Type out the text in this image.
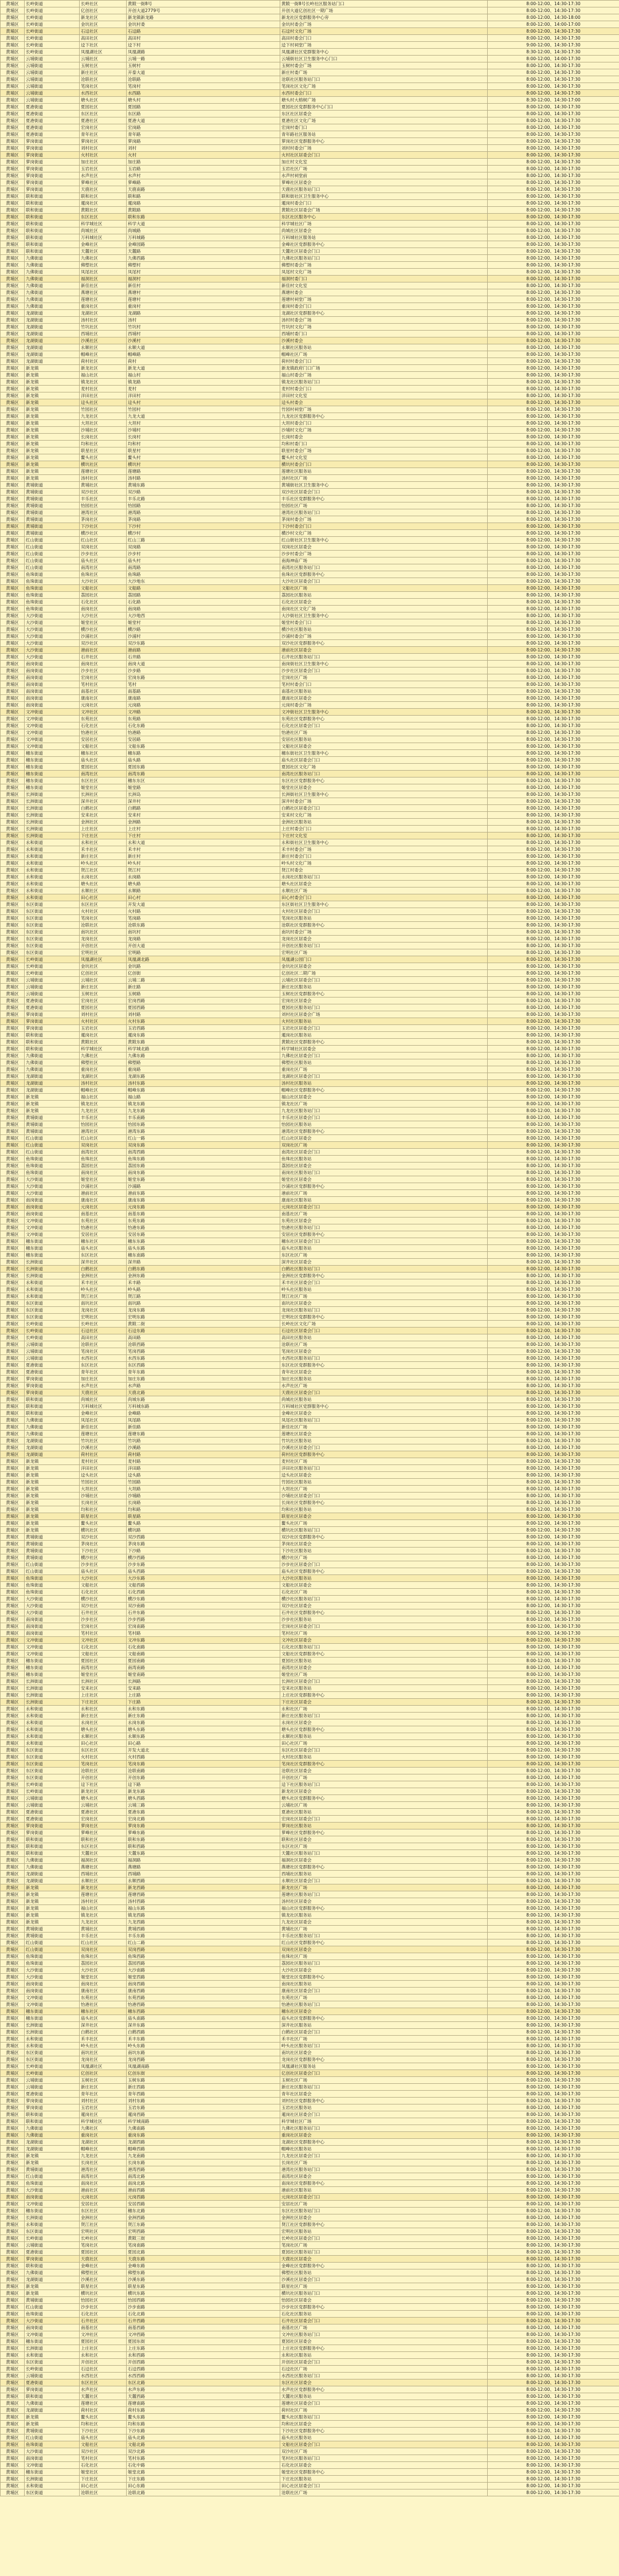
黄埔区	长岭街道	长岭社区	黄陂一街8号	黄陂一街8号长岭社区服务站门口	8:00-12:00、14:30-17:30
黄埔区	长岭街道	亿创社区	开创大道2779号	开创大道亿创社区一期广场	8:00-12:00、14:30-17:30
黄埔区	长岭街道	新龙社区	新龙镇新龙路	新龙社区党群服务中心旁	8:00-12:00、14:30-18:00
黄埔区	长岭街道	金坑社区	金坑村委	金坑村委会广场	8:00-12:00、14:00-17:00
黄埔区	长岭街道	石迳社区	石迳路	石迳村文化广场	8:00-12:00、14:30-17:30
黄埔区	长岭街道	高田社区	高田村	高田村委会门口	8:00-12:00、14:30-17:30
黄埔区	长岭街道	迳下社区	迳下村	迳下村祠堂广场	9:00-12:00、14:30-17:30
黄埔区	长岭街道	凤凰湖社区	凤凰湖路	凤凰湖社区党群服务中心	8:30-12:00、14:30-17:30
黄埔区	云埔街道	云埔社区	云埔一路	云埔街社区卫生服务中心门口	8:00-12:00、14:00-17:30
黄埔区	云埔街道	玉树社区	玉树村	玉树村委会广场	8:00-12:00、14:30-17:30
黄埔区	云埔街道	新庄社区	开泰大道	新庄村委广场	8:00-12:00、14:30-17:30
黄埔区	云埔街道	沧联社区	沧联路	沧联社区服务站门口	8:00-12:00、14:30-17:30
黄埔区	云埔街道	笔岗社区	笔岗村	笔岗社区文化广场	8:00-12:00、14:30-17:30
黄埔区	云埔街道	水西社区	水西路	水西村委会门口	8:00-12:00、14:30-17:30
黄埔区	云埔街道	塘头社区	塘头村	塘头村大榕树广场	8:30-12:00、14:30-17:00
黄埔区	夏港街道	夏园社区	夏园路	夏园社区党群服务中心门口	8:00-12:00、14:30-17:30
黄埔区	夏港街道	东区社区	东区路	东区社区居委会	8:00-12:00、14:30-17:30
黄埔区	夏港街道	夏港社区	夏港大道	夏港社区文化广场	8:00-12:00、14:30-17:30
黄埔区	夏港街道	宏岗社区	宏岗路	宏岗村委门口	8:00-12:00、14:30-17:30
黄埔区	夏港街道	青年社区	青年路	青年路社区服务站	8:00-12:00、14:30-17:30
黄埔区	萝岗街道	萝岗社区	萝岗路	萝岗社区党群服务中心	8:00-12:00、14:30-17:30
黄埔区	萝岗街道	刘村社区	刘村	刘村村委会广场	8:00-12:00、14:30-17:30
黄埔区	萝岗街道	火村社区	火村	火村社区居委会门口	8:00-12:00、14:30-17:30
黄埔区	萝岗街道	加庄社区	加庄路	加庄村文化室	8:00-12:00、14:30-17:30
黄埔区	萝岗街道	玉岩社区	玉岩路	玉岩社区广场	8:00-12:00、14:30-17:30
黄埔区	萝岗街道	水声社区	水声村	水声村祠堂前	8:00-12:00、14:30-17:30
黄埔区	萝岗街道	萝峰社区	萝峰路	萝峰社区居委会	8:00-12:00、14:30-17:30
黄埔区	萝岗街道	天鹿社区	天鹿南路	天鹿社区服务站门口	8:00-12:00、14:30-17:30
黄埔区	联和街道	联和社区	联和路	联和街社区卫生服务中心	8:00-12:00、14:30-17:30
黄埔区	联和街道	暹岗社区	暹岗路	暹岗村委会门口	8:00-12:00、14:30-17:30
黄埔区	联和街道	黄陂社区	黄陂路	黄陂社区居委会广场	8:00-12:00、14:30-17:30
黄埔区	联和街道	东区社区	联和东路	东区社区服务中心	8:00-12:00、14:30-17:30
黄埔区	联和街道	科学城社区	科学大道	科学城社区广场	8:00-12:00、14:30-17:30
黄埔区	联和街道	尚城社区	尚城路	尚城社区居委会	8:00-12:00、14:30-17:30
黄埔区	联和街道	万科城社区	万科城路	万科城社区服务站	8:00-12:00、14:30-17:30
黄埔区	联和街道	金峰社区	金峰园路	金峰社区党群服务中心	8:00-12:00、14:30-17:30
黄埔区	联和街道	天麓社区	天麓路	天麓社区居委会门口	8:00-12:00、14:30-17:30
黄埔区	九佛街道	九佛社区	九佛西路	九佛社区服务站门口	8:00-12:00、14:30-17:30
黄埔区	九佛街道	佛塱社区	佛塱村	佛塱村委会广场	8:00-12:00、14:30-17:30
黄埔区	九佛街道	凤尾社区	凤尾村	凤尾村文化广场	8:00-12:00、14:30-17:30
黄埔区	九佛街道	福洞社区	福洞村	福洞村委门口	8:00-12:00、14:30-17:30
黄埔区	九佛街道	新佳社区	新佳村	新佳村文化室	8:00-12:00、14:30-17:30
黄埔区	九佛街道	燕塘社区	燕塘村	燕塘村委会	8:00-12:00、14:30-17:30
黄埔区	九佛街道	莲塘社区	莲塘村	莲塘村祠堂广场	8:00-12:00、14:30-17:30
黄埔区	九佛街道	重岗社区	重岗村	重岗村委会门口	8:00-12:00、14:30-17:30
黄埔区	龙湖街道	龙湖社区	龙湖路	龙湖社区党群服务中心	8:00-12:00、14:30-17:30
黄埔区	龙湖街道	汤村社区	汤村	汤村村委会广场	8:00-12:00、14:30-17:30
黄埔区	龙湖街道	竹坑社区	竹坑村	竹坑村文化广场	8:00-12:00、14:30-17:30
黄埔区	龙湖街道	西埔社区	西埔村	西埔村委门口	8:00-12:00、14:30-17:30
黄埔区	龙湖街道	沙溪社区	沙溪村	沙溪村委会	8:00-12:00、14:30-17:30
黄埔区	龙湖街道	永顺社区	永顺大道	永顺社区服务站	8:00-12:00、14:30-17:30
黄埔区	龙湖街道	帽峰社区	帽峰路	帽峰社区广场	8:00-12:00、14:30-17:30
黄埔区	龙湖街道	荷村社区	荷村	荷村村委会门口	8:00-12:00、14:30-17:30
黄埔区	新龙镇	新龙社区	新龙大道	新龙镇政府门口广场	8:00-12:00、14:30-17:30
黄埔区	新龙镇	福山社区	福山村	福山村委会广场	8:00-12:00、14:30-17:30
黄埔区	新龙镇	镇龙社区	镇龙路	镇龙社区服务站门口	8:00-12:00、14:30-17:30
黄埔区	新龙镇	麦村社区	麦村	麦村村委会门口	8:00-12:00、14:30-17:30
黄埔区	新龙镇	洋田社区	洋田村	洋田村文化室	8:00-12:00、14:30-17:30
黄埔区	新龙镇	迳头社区	迳头村	迳头村委会	8:00-12:00、14:30-17:30
黄埔区	新龙镇	竹园社区	竹园村	竹园村祠堂广场	8:00-12:00、14:30-17:30
黄埔区	新龙镇	九龙社区	九龙大道	九龙社区党群服务中心	8:00-12:00、14:30-17:30
黄埔区	新龙镇	大坦社区	大坦村	大坦村委会门口	8:00-12:00、14:30-17:30
黄埔区	新龙镇	沙埔社区	沙埔村	沙埔村文化广场	8:00-12:00、14:30-17:30
黄埔区	新龙镇	长岗社区	长岗村	长岗村委会	8:00-12:00、14:30-17:30
黄埔区	新龙镇	均和社区	均和村	均和村委门口	8:00-12:00、14:30-17:30
黄埔区	新龙镇	联星社区	联星村	联星村委会广场	8:00-12:00、14:30-17:30
黄埔区	新龙镇	鳌头社区	鳌头村	鳌头村文化室	8:00-12:00、14:30-17:30
黄埔区	新龙镇	横坑社区	横坑村	横坑村委会门口	8:00-12:00、14:30-17:30
黄埔区	新龙镇	莲塘社区	莲塘路	莲塘社区服务站	8:00-12:00、14:30-17:30
黄埔区	新龙镇	汤村社区	汤村路	汤村社区广场	8:00-12:00、14:30-17:30
黄埔区	黄埔街道	黄埔社区	黄埔东路	黄埔街社区卫生服务中心	8:00-12:00、14:30-17:30
黄埔区	黄埔街道	双沙社区	双沙路	双沙社区居委会门口	8:00-12:00、14:30-17:30
黄埔区	黄埔街道	丰乐社区	丰乐北路	丰乐社区党群服务中心	8:00-12:00、14:30-17:30
黄埔区	黄埔街道	怡园社区	怡园路	怡园社区广场	8:00-12:00、14:30-17:30
黄埔区	黄埔街道	港湾社区	港湾路	港湾社区服务站门口	8:00-12:00、14:30-17:30
黄埔区	黄埔街道	茅岗社区	茅岗路	茅岗村委会广场	8:00-12:00、14:30-17:30
黄埔区	黄埔街道	下沙社区	下沙村	下沙村委会门口	8:00-12:00、14:30-17:30
黄埔区	黄埔街道	横沙社区	横沙村	横沙村文化广场	8:00-12:00、14:30-17:30
黄埔区	红山街道	红山社区	红山三路	红山街社区卫生服务中心	8:00-12:00、14:30-17:30
黄埔区	红山街道	双岗社区	双岗路	双岗社区居委会	8:00-12:00、14:30-17:30
黄埔区	红山街道	沙步社区	沙步村	沙步村委会广场	8:00-12:00、14:30-17:30
黄埔区	红山街道	庙头社区	庙头村	南海神庙广场	8:00-12:00、14:30-17:30
黄埔区	红山街道	南湾社区	南湾路	南湾社区服务站门口	8:00-12:00、14:30-17:30
黄埔区	鱼珠街道	鱼珠社区	鱼珠路	鱼珠社区党群服务中心	8:00-12:00、14:30-17:30
黄埔区	鱼珠街道	大沙社区	大沙地东	大沙社区居委会门口	8:00-12:00、14:30-17:30
黄埔区	鱼珠街道	文船社区	文船路	文船社区广场	8:00-12:00、14:30-17:30
黄埔区	鱼珠街道	荔园社区	荔园路	荔园社区服务站	8:00-12:00、14:30-17:30
黄埔区	鱼珠街道	石化社区	石化路	石化社区居委会	8:00-12:00、14:30-17:30
黄埔区	鱼珠街道	南岗社区	南岗路	南岗社区文化广场	8:00-12:00、14:30-17:30
黄埔区	大沙街道	大沙社区	大沙地西	大沙街社区卫生服务中心	8:00-12:00、14:30-17:30
黄埔区	大沙街道	姬堂社区	姬堂村	姬堂村委会门口	8:00-12:00、14:30-17:30
黄埔区	大沙街道	横沙社区	横沙路	横沙社区服务站	8:00-12:00、14:30-17:30
黄埔区	大沙街道	沙浦社区	沙浦村	沙浦村委会广场	8:00-12:00、14:30-17:30
黄埔区	大沙街道	双沙社区	双沙东路	双沙社区党群服务中心	8:00-12:00、14:30-17:30
黄埔区	大沙街道	港前社区	港前路	港前社区居委会	8:00-12:00、14:30-17:30
黄埔区	大沙街道	石井社区	石井路	石井社区服务站门口	8:00-12:00、14:30-17:30
黄埔区	南岗街道	南岗社区	南岗大道	南岗街社区卫生服务中心	8:00-12:00、14:30-17:30
黄埔区	南岗街道	沙步社区	沙步路	沙步社区居委会门口	8:00-12:00、14:30-17:30
黄埔区	南岗街道	宏岗社区	宏岗东路	宏岗社区广场	8:00-12:00、14:30-17:30
黄埔区	南岗街道	笔村社区	笔村	笔村村委会门口	8:00-12:00、14:30-17:30
黄埔区	南岗街道	南基社区	南基路	南基社区服务站	8:00-12:00、14:30-17:30
黄埔区	南岗街道	康南社区	康南路	康南社区居委会	8:00-12:00、14:30-17:30
黄埔区	南岗街道	元岗社区	元岗路	元岗村委会广场	8:00-12:00、14:30-17:30
黄埔区	文冲街道	文冲社区	文冲路	文冲街社区卫生服务中心	8:00-12:00、14:30-17:30
黄埔区	文冲街道	东苑社区	东苑路	东苑社区党群服务中心	8:00-12:00、14:30-17:30
黄埔区	文冲街道	石化社区	石化东路	石化社区居委会门口	8:00-12:00、14:30-17:30
黄埔区	文冲街道	怡港社区	怡港路	怡港社区广场	8:00-12:00、14:30-17:30
黄埔区	文冲街道	安居社区	安居路	安居社区服务站	8:00-12:00、14:30-17:30
黄埔区	文冲街道	文船社区	文船东路	文船社区居委会	8:00-12:00、14:30-17:30
黄埔区	穗东街道	穗东社区	穗东路	穗东街社区卫生服务中心	8:00-12:00、14:30-17:30
黄埔区	穗东街道	庙头社区	庙头路	庙头社区居委会门口	8:00-12:00、14:30-17:30
黄埔区	穗东街道	夏园社区	夏园东路	夏园社区文化广场	8:00-12:00、14:30-17:30
黄埔区	穗东街道	南湾社区	南湾东路	南湾社区服务站门口	8:00-12:00、14:30-17:30
黄埔区	穗东街道	东区社区	穗东东区	东区社区党群服务中心	8:00-12:00、14:30-17:30
黄埔区	穗东街道	姬堂社区	姬堂路	姬堂社区居委会	8:00-12:00、14:30-17:30
黄埔区	长洲街道	长洲社区	长洲岛	长洲街社区卫生服务中心	8:00-12:00、14:30-17:30
黄埔区	长洲街道	深井社区	深井村	深井村委会广场	8:00-12:00、14:30-17:30
黄埔区	长洲街道	白鹤社区	白鹤路	白鹤社区居委会门口	8:00-12:00、14:30-17:30
黄埔区	长洲街道	安来社区	安来村	安来村文化广场	8:00-12:00、14:30-17:30
黄埔区	长洲街道	金洲社区	金洲路	金洲社区服务站	8:00-12:00、14:30-17:30
黄埔区	长洲街道	上庄社区	上庄村	上庄村委会门口	8:00-12:00、14:30-17:30
黄埔区	长洲街道	下庄社区	下庄村	下庄村文化室	8:00-12:00、14:30-17:30
黄埔区	永和街道	永和社区	永和大道	永和街社区卫生服务中心	8:00-12:00、14:30-17:30
黄埔区	永和街道	禾丰社区	禾丰村	禾丰村委会广场	8:00-12:00、14:30-17:30
黄埔区	永和街道	新庄社区	新庄村	新庄村委会门口	8:00-12:00、14:30-17:30
黄埔区	永和街道	岭头社区	岭头村	岭头村文化广场	8:00-12:00、14:30-17:30
黄埔区	永和街道	贤江社区	贤江村	贤江村委会	8:00-12:00、14:30-17:30
黄埔区	永和街道	永岗社区	永岗路	永岗社区服务站门口	8:00-12:00、14:30-17:30
黄埔区	永和街道	塘头社区	塘头路	塘头社区居委会	8:00-12:00、14:30-17:30
黄埔区	永和街道	永顺社区	永顺路	永顺社区广场	8:00-12:00、14:30-17:30
黄埔区	永和街道	田心社区	田心村	田心村委会门口	8:00-12:00、14:30-17:30
黄埔区	东区街道	东区社区	开发大道	东区街社区卫生服务中心	8:00-12:00、14:30-17:30
黄埔区	东区街道	火村社区	火村路	火村社区居委会门口	8:00-12:00、14:30-17:30
黄埔区	东区街道	笔岗社区	笔岗路	笔岗社区服务站	8:00-12:00、14:30-17:30
黄埔区	东区街道	沧联社区	沧联东路	沧联社区党群服务中心	8:00-12:00、14:30-17:30
黄埔区	东区街道	南坑社区	南坑村	南坑村委会广场	8:00-12:00、14:30-17:30
黄埔区	东区街道	龙岗社区	龙岗路	龙岗社区居委会	8:00-12:00、14:30-17:30
黄埔区	东区街道	开创社区	开创大道	开创社区服务站门口	8:00-12:00、14:30-17:30
黄埔区	东区街道	宏明社区	宏明路	宏明社区广场	8:00-12:00、14:30-17:30
黄埔区	长岭街道	凤凰湖社区	凤凰湖北路	凤凰湖公园门口	8:00-12:00、14:30-17:30
黄埔区	长岭街道	金坑社区	金坑路	金坑社区居委会	8:00-12:00、14:30-17:30
黄埔区	长岭街道	亿创社区	亿创街	亿创社区二期广场	8:00-12:00、14:30-17:30
黄埔区	云埔街道	云埔社区	云埔二路	云埔社区居委会门口	8:00-12:00、14:30-17:30
黄埔区	云埔街道	新庄社区	新庄路	新庄社区服务站	8:00-12:00、14:30-17:30
黄埔区	云埔街道	玉树社区	玉树路	玉树社区党群服务中心	8:00-12:00、14:30-17:30
黄埔区	夏港街道	宏岗社区	宏岗西路	宏岗社区居委会	8:00-12:00、14:30-17:30
黄埔区	夏港街道	夏园社区	夏园西路	夏园社区服务站门口	8:00-12:00、14:30-17:30
黄埔区	萝岗街道	刘村社区	刘村路	刘村社区居委会广场	8:00-12:00、14:30-17:30
黄埔区	萝岗街道	火村社区	火村东路	火村社区服务站	8:00-12:00、14:30-17:30
黄埔区	萝岗街道	玉岩社区	玉岩西路	玉岩社区居委会门口	8:00-12:00、14:30-17:30
黄埔区	联和街道	暹岗社区	暹岗东路	暹岗社区服务站	8:00-12:00、14:30-17:30
黄埔区	联和街道	黄陂社区	黄陂东路	黄陂社区党群服务中心	8:00-12:00、14:30-17:30
黄埔区	联和街道	科学城社区	科学城北路	科学城社区居委会	8:00-12:00、14:30-17:30
黄埔区	九佛街道	九佛社区	九佛东路	九佛社区居委会门口	8:00-12:00、14:30-17:30
黄埔区	九佛街道	佛塱社区	佛塱路	佛塱社区服务站	8:00-12:00、14:30-17:30
黄埔区	九佛街道	重岗社区	重岗路	重岗社区广场	8:00-12:00、14:30-17:30
黄埔区	龙湖街道	龙湖社区	龙湖东路	龙湖社区居委会门口	8:00-12:00、14:30-17:30
黄埔区	龙湖街道	汤村社区	汤村东路	汤村社区服务站	8:00-12:00、14:30-17:30
黄埔区	龙湖街道	帽峰社区	帽峰东路	帽峰社区党群服务中心	8:00-12:00、14:30-17:30
黄埔区	新龙镇	福山社区	福山路	福山社区居委会	8:00-12:00、14:30-17:30
黄埔区	新龙镇	镇龙社区	镇龙东路	镇龙社区广场	8:00-12:00、14:30-17:30
黄埔区	新龙镇	九龙社区	九龙东路	九龙社区服务站门口	8:00-12:00、14:30-17:30
黄埔区	黄埔街道	丰乐社区	丰乐南路	丰乐社区居委会门口	8:00-12:00、14:30-17:30
黄埔区	黄埔街道	怡园社区	怡园东路	怡园社区服务站	8:00-12:00、14:30-17:30
黄埔区	黄埔街道	港湾社区	港湾东路	港湾社区党群服务中心	8:00-12:00、14:30-17:30
黄埔区	红山街道	红山社区	红山一路	红山社区居委会	8:00-12:00、14:30-17:30
黄埔区	红山街道	双岗社区	双岗东路	双岗社区广场	8:00-12:00、14:30-17:30
黄埔区	红山街道	南湾社区	南湾西路	南湾社区居委会门口	8:00-12:00、14:30-17:30
黄埔区	鱼珠街道	鱼珠社区	鱼珠东路	鱼珠社区服务站	8:00-12:00、14:30-17:30
黄埔区	鱼珠街道	荔园社区	荔园东路	荔园社区居委会	8:00-12:00、14:30-17:30
黄埔区	鱼珠街道	南岗社区	南岗东路	南岗社区服务站门口	8:00-12:00、14:30-17:30
黄埔区	大沙街道	姬堂社区	姬堂东路	姬堂社区居委会	8:00-12:00、14:30-17:30
黄埔区	大沙街道	沙浦社区	沙浦路	沙浦社区党群服务中心	8:00-12:00、14:30-17:30
黄埔区	大沙街道	港前社区	港前东路	港前社区广场	8:00-12:00、14:30-17:30
黄埔区	南岗街道	康南社区	康南东路	康南社区服务站	8:00-12:00、14:30-17:30
黄埔区	南岗街道	元岗社区	元岗东路	元岗社区居委会门口	8:00-12:00、14:30-17:30
黄埔区	南岗街道	南基社区	南基东路	南基社区广场	8:00-12:00、14:30-17:30
黄埔区	文冲街道	东苑社区	东苑东路	东苑社区居委会	8:00-12:00、14:30-17:30
黄埔区	文冲街道	怡港社区	怡港东路	怡港社区服务站门口	8:00-12:00、14:30-17:30
黄埔区	文冲街道	安居社区	安居东路	安居社区党群服务中心	8:00-12:00、14:30-17:30
黄埔区	穗东街道	穗东社区	穗东东路	穗东社区居委会门口	8:00-12:00、14:30-17:30
黄埔区	穗东街道	庙头社区	庙头东路	庙头社区服务站	8:00-12:00、14:30-17:30
黄埔区	穗东街道	东区社区	穗东南路	东区社区广场	8:00-12:00、14:30-17:30
黄埔区	长洲街道	深井社区	深井路	深井社区居委会	8:00-12:00、14:30-17:30
黄埔区	长洲街道	白鹤社区	白鹤东路	白鹤社区服务站门口	8:00-12:00、14:30-17:30
黄埔区	长洲街道	金洲社区	金洲东路	金洲社区党群服务中心	8:00-12:00、14:30-17:30
黄埔区	永和街道	禾丰社区	禾丰路	禾丰社区居委会门口	8:00-12:00、14:30-17:30
黄埔区	永和街道	岭头社区	岭头路	岭头社区服务站	8:00-12:00、14:30-17:30
黄埔区	永和街道	贤江社区	贤江路	贤江社区广场	8:00-12:00、14:30-17:30
黄埔区	东区街道	南坑社区	南坑路	南坑社区居委会	8:00-12:00、14:30-17:30
黄埔区	东区街道	龙岗社区	龙岗东路	龙岗社区服务站门口	8:00-12:00、14:30-17:30
黄埔区	东区街道	宏明社区	宏明东路	宏明社区党群服务中心	8:00-12:00、14:30-17:30
黄埔区	长岭街道	长岭社区	黄陂二街	长岭社区文化广场	8:00-12:00、14:30-17:30
黄埔区	长岭街道	石迳社区	石迳东路	石迳社区居委会门口	8:00-12:00、14:30-17:30
黄埔区	长岭街道	高田社区	高田路	高田社区服务站	8:00-12:00、14:30-17:30
黄埔区	云埔街道	沧联社区	沧联西路	沧联社区广场	8:00-12:00、14:30-17:30
黄埔区	云埔街道	笔岗社区	笔岗西路	笔岗社区居委会	8:00-12:00、14:30-17:30
黄埔区	云埔街道	水西社区	水西东路	水西社区服务站门口	8:00-12:00、14:30-17:30
黄埔区	夏港街道	东区社区	东区西路	东区社区党群服务中心	8:00-12:00、14:30-17:30
黄埔区	夏港街道	青年社区	青年东路	青年社区居委会	8:00-12:00、14:30-17:30
黄埔区	萝岗街道	加庄社区	加庄东路	加庄社区服务站	8:00-12:00、14:30-17:30
黄埔区	萝岗街道	水声社区	水声路	水声社区广场	8:00-12:00、14:30-17:30
黄埔区	萝岗街道	天鹿社区	天鹿北路	天鹿社区居委会门口	8:00-12:00、14:30-17:30
黄埔区	联和街道	尚城社区	尚城东路	尚城社区服务站	8:00-12:00、14:30-17:30
黄埔区	联和街道	万科城社区	万科城东路	万科城社区党群服务中心	8:00-12:00、14:30-17:30
黄埔区	联和街道	金峰社区	金峰路	金峰社区居委会	8:00-12:00、14:30-17:30
黄埔区	九佛街道	凤尾社区	凤尾路	凤尾社区服务站门口	8:00-12:00、14:30-17:30
黄埔区	九佛街道	新佳社区	新佳路	新佳社区广场	8:00-12:00、14:30-17:30
黄埔区	九佛街道	莲塘社区	莲塘东路	莲塘社区居委会	8:00-12:00、14:30-17:30
黄埔区	龙湖街道	竹坑社区	竹坑路	竹坑社区服务站	8:00-12:00、14:30-17:30
黄埔区	龙湖街道	沙溪社区	沙溪路	沙溪社区居委会门口	8:00-12:00、14:30-17:30
黄埔区	龙湖街道	荷村社区	荷村路	荷村社区党群服务中心	8:00-12:00、14:30-17:30
黄埔区	新龙镇	麦村社区	麦村路	麦村社区广场	8:00-12:00、14:30-17:30
黄埔区	新龙镇	洋田社区	洋田路	洋田社区服务站门口	8:00-12:00、14:30-17:30
黄埔区	新龙镇	迳头社区	迳头路	迳头社区居委会	8:00-12:00、14:30-17:30
黄埔区	新龙镇	竹园社区	竹园路	竹园社区服务站	8:00-12:00、14:30-17:30
黄埔区	新龙镇	大坦社区	大坦路	大坦社区广场	8:00-12:00、14:30-17:30
黄埔区	新龙镇	沙埔社区	沙埔路	沙埔社区居委会门口	8:00-12:00、14:30-17:30
黄埔区	新龙镇	长岗社区	长岗路	长岗社区党群服务中心	8:00-12:00、14:30-17:30
黄埔区	新龙镇	均和社区	均和路	均和社区服务站	8:00-12:00、14:30-17:30
黄埔区	新龙镇	联星社区	联星路	联星社区居委会	8:00-12:00、14:30-17:30
黄埔区	新龙镇	鳌头社区	鳌头路	鳌头社区广场	8:00-12:00、14:30-17:30
黄埔区	新龙镇	横坑社区	横坑路	横坑社区服务站门口	8:00-12:00、14:30-17:30
黄埔区	黄埔街道	双沙社区	双沙西路	双沙社区党群服务中心	8:00-12:00、14:30-17:30
黄埔区	黄埔街道	茅岗社区	茅岗东路	茅岗社区居委会	8:00-12:00、14:30-17:30
黄埔区	黄埔街道	下沙社区	下沙路	下沙社区服务站	8:00-12:00、14:30-17:30
黄埔区	黄埔街道	横沙社区	横沙西路	横沙社区广场	8:00-12:00、14:30-17:30
黄埔区	红山街道	沙步社区	沙步东路	沙步社区居委会门口	8:00-12:00、14:30-17:30
黄埔区	红山街道	庙头社区	庙头西路	庙头社区党群服务中心	8:00-12:00、14:30-17:30
黄埔区	鱼珠街道	大沙社区	大沙东路	大沙社区服务站	8:00-12:00、14:30-17:30
黄埔区	鱼珠街道	文船社区	文船西路	文船社区居委会	8:00-12:00、14:30-17:30
黄埔区	鱼珠街道	石化社区	石化西路	石化社区广场	8:00-12:00、14:30-17:30
黄埔区	大沙街道	横沙社区	横沙东路	横沙社区服务站门口	8:00-12:00、14:30-17:30
黄埔区	大沙街道	双沙社区	双沙南路	双沙社区居委会	8:00-12:00、14:30-17:30
黄埔区	大沙街道	石井社区	石井东路	石井社区党群服务中心	8:00-12:00、14:30-17:30
黄埔区	南岗街道	沙步社区	沙步西路	沙步社区服务站	8:00-12:00、14:30-17:30
黄埔区	南岗街道	宏岗社区	宏岗南路	宏岗社区居委会门口	8:00-12:00、14:30-17:30
黄埔区	南岗街道	笔村社区	笔村路	笔村社区广场	8:00-12:00、14:30-17:30
黄埔区	文冲街道	文冲社区	文冲东路	文冲社区居委会	8:00-12:00、14:30-17:30
黄埔区	文冲街道	石化社区	石化南路	石化社区服务站门口	8:00-12:00、14:30-17:30
黄埔区	文冲街道	文船社区	文船南路	文船社区党群服务中心	8:00-12:00、14:30-17:30
黄埔区	穗东街道	夏园社区	夏园南路	夏园社区服务站	8:00-12:00、14:30-17:30
黄埔区	穗东街道	南湾社区	南湾南路	南湾社区居委会	8:00-12:00、14:30-17:30
黄埔区	穗东街道	姬堂社区	姬堂南路	姬堂社区广场	8:00-12:00、14:30-17:30
黄埔区	长洲街道	长洲社区	长洲路	长洲社区居委会门口	8:00-12:00、14:30-17:30
黄埔区	长洲街道	安来社区	安来路	安来社区服务站	8:00-12:00、14:30-17:30
黄埔区	长洲街道	上庄社区	上庄路	上庄社区党群服务中心	8:00-12:00、14:30-17:30
黄埔区	长洲街道	下庄社区	下庄路	下庄社区居委会	8:00-12:00、14:30-17:30
黄埔区	永和街道	永和社区	永和东路	永和社区广场	8:00-12:00、14:30-17:30
黄埔区	永和街道	新庄社区	新庄东路	新庄社区服务站门口	8:00-12:00、14:30-17:30
黄埔区	永和街道	永岗社区	永岗东路	永岗社区居委会	8:00-12:00、14:30-17:30
黄埔区	永和街道	塘头社区	塘头东路	塘头社区党群服务中心	8:00-12:00、14:30-17:30
黄埔区	永和街道	永顺社区	永顺东路	永顺社区服务站	8:00-12:00、14:30-17:30
黄埔区	永和街道	田心社区	田心路	田心社区广场	8:00-12:00、14:30-17:30
黄埔区	东区街道	东区社区	开发大道北	东区社区居委会门口	8:00-12:00、14:30-17:30
黄埔区	东区街道	火村社区	火村西路	火村社区服务站	8:00-12:00、14:30-17:30
黄埔区	东区街道	笔岗社区	笔岗东路	笔岗社区党群服务中心	8:00-12:00、14:30-17:30
黄埔区	东区街道	沧联社区	沧联南路	沧联社区居委会	8:00-12:00、14:30-17:30
黄埔区	东区街道	开创社区	开创东路	开创社区广场	8:00-12:00、14:30-17:30
黄埔区	长岭街道	迳下社区	迳下路	迳下社区服务站门口	8:00-12:00、14:30-17:30
黄埔区	长岭街道	新龙社区	新龙东路	新龙社区居委会	8:00-12:00、14:30-17:30
黄埔区	云埔街道	塘头社区	塘头西路	塘头社区党群服务中心	8:00-12:00、14:30-17:30
黄埔区	云埔街道	云埔社区	云埔三路	云埔社区广场	8:00-12:00、14:30-17:30
黄埔区	夏港街道	夏港社区	夏港东路	夏港社区服务站	8:00-12:00、14:30-17:30
黄埔区	夏港街道	宏岗社区	宏岗北路	宏岗社区居委会门口	8:00-12:00、14:30-17:30
黄埔区	萝岗街道	萝岗社区	萝岗东路	萝岗社区服务站	8:00-12:00、14:30-17:30
黄埔区	萝岗街道	萝峰社区	萝峰东路	萝峰社区党群服务中心	8:00-12:00、14:30-17:30
黄埔区	联和街道	联和社区	联和东路	联和社区居委会	8:00-12:00、14:30-17:30
黄埔区	联和街道	东区社区	联和西路	东区社区广场	8:00-12:00、14:30-17:30
黄埔区	联和街道	天麓社区	天麓东路	天麓社区服务站门口	8:00-12:00、14:30-17:30
黄埔区	九佛街道	福洞社区	福洞路	福洞社区居委会	8:00-12:00、14:30-17:30
黄埔区	九佛街道	燕塘社区	燕塘路	燕塘社区党群服务中心	8:00-12:00、14:30-17:30
黄埔区	龙湖街道	西埔社区	西埔路	西埔社区服务站	8:00-12:00、14:30-17:30
黄埔区	龙湖街道	永顺社区	永顺西路	永顺社区居委会门口	8:00-12:00、14:30-17:30
黄埔区	新龙镇	新龙社区	新龙西路	新龙社区广场	8:00-12:00、14:30-17:30
黄埔区	新龙镇	莲塘社区	莲塘西路	莲塘社区服务站门口	8:00-12:00、14:30-17:30
黄埔区	新龙镇	汤村社区	汤村西路	汤村社区居委会	8:00-12:00、14:30-17:30
黄埔区	新龙镇	福山社区	福山东路	福山社区党群服务中心	8:00-12:00、14:30-17:30
黄埔区	新龙镇	镇龙社区	镇龙西路	镇龙社区服务站	8:00-12:00、14:30-17:30
黄埔区	新龙镇	九龙社区	九龙西路	九龙社区居委会	8:00-12:00、14:30-17:30
黄埔区	黄埔街道	黄埔社区	黄埔西路	黄埔社区广场	8:00-12:00、14:30-17:30
黄埔区	黄埔街道	丰乐社区	丰乐东路	丰乐社区服务站门口	8:00-12:00、14:30-17:30
黄埔区	红山街道	红山社区	红山二路	红山社区党群服务中心	8:00-12:00、14:30-17:30
黄埔区	红山街道	双岗社区	双岗西路	双岗社区居委会	8:00-12:00、14:30-17:30
黄埔区	鱼珠街道	鱼珠社区	鱼珠西路	鱼珠社区广场	8:00-12:00、14:30-17:30
黄埔区	鱼珠街道	荔园社区	荔园西路	荔园社区服务站门口	8:00-12:00、14:30-17:30
黄埔区	大沙街道	大沙社区	大沙南路	大沙社区居委会	8:00-12:00、14:30-17:30
黄埔区	大沙街道	姬堂社区	姬堂西路	姬堂社区党群服务中心	8:00-12:00、14:30-17:30
黄埔区	南岗街道	南岗社区	南岗西路	南岗社区服务站	8:00-12:00、14:30-17:30
黄埔区	南岗街道	康南社区	康南西路	康南社区居委会门口	8:00-12:00、14:30-17:30
黄埔区	文冲街道	东苑社区	东苑西路	东苑社区广场	8:00-12:00、14:30-17:30
黄埔区	文冲街道	怡港社区	怡港西路	怡港社区服务站门口	8:00-12:00、14:30-17:30
黄埔区	穗东街道	穗东社区	穗东西路	穗东社区居委会	8:00-12:00、14:30-17:30
黄埔区	穗东街道	庙头社区	庙头南路	庙头社区党群服务中心	8:00-12:00、14:30-17:30
黄埔区	长洲街道	深井社区	深井东路	深井社区服务站	8:00-12:00、14:30-17:30
黄埔区	长洲街道	白鹤社区	白鹤西路	白鹤社区居委会门口	8:00-12:00、14:30-17:30
黄埔区	永和街道	禾丰社区	禾丰东路	禾丰社区广场	8:00-12:00、14:30-17:30
黄埔区	永和街道	岭头社区	岭头东路	岭头社区服务站门口	8:00-12:00、14:30-17:30
黄埔区	东区街道	南坑社区	南坑东路	南坑社区居委会	8:00-12:00、14:30-17:30
黄埔区	东区街道	龙岗社区	龙岗西路	龙岗社区党群服务中心	8:00-12:00、14:30-17:30
黄埔区	长岭街道	凤凰湖社区	凤凰湖南路	凤凰湖社区服务站	8:00-12:00、14:30-17:30
黄埔区	长岭街道	亿创社区	亿创东街	亿创社区居委会门口	8:00-12:00、14:30-17:30
黄埔区	云埔街道	玉树社区	玉树东路	玉树社区广场	8:00-12:00、14:30-17:30
黄埔区	云埔街道	新庄社区	新庄西路	新庄社区服务站门口	8:00-12:00、14:30-17:30
黄埔区	夏港街道	青年社区	青年西路	青年社区居委会	8:00-12:00、14:30-17:30
黄埔区	萝岗街道	刘村社区	刘村东路	刘村社区党群服务中心	8:00-12:00、14:30-17:30
黄埔区	萝岗街道	玉岩社区	玉岩东路	玉岩社区服务站	8:00-12:00、14:30-17:30
黄埔区	联和街道	暹岗社区	暹岗西路	暹岗社区居委会门口	8:00-12:00、14:30-17:30
黄埔区	联和街道	科学城社区	科学城南路	科学城社区广场	8:00-12:00、14:30-17:30
黄埔区	九佛街道	九佛社区	九佛南路	九佛社区服务站门口	8:00-12:00、14:30-17:30
黄埔区	九佛街道	重岗社区	重岗东路	重岗社区居委会	8:00-12:00、14:30-17:30
黄埔区	龙湖街道	龙湖社区	龙湖西路	龙湖社区党群服务中心	8:00-12:00、14:30-17:30
黄埔区	龙湖街道	帽峰社区	帽峰西路	帽峰社区服务站	8:00-12:00、14:30-17:30
黄埔区	新龙镇	九龙社区	九龙南路	九龙社区居委会门口	8:00-12:00、14:30-17:30
黄埔区	新龙镇	长岗社区	长岗东路	长岗社区广场	8:00-12:00、14:30-17:30
黄埔区	黄埔街道	港湾社区	港湾西路	港湾社区服务站门口	8:00-12:00、14:30-17:30
黄埔区	红山街道	南湾社区	南湾北路	南湾社区居委会	8:00-12:00、14:30-17:30
黄埔区	鱼珠街道	南岗社区	南岗北路	南岗社区党群服务中心	8:00-12:00、14:30-17:30
黄埔区	大沙街道	港前社区	港前西路	港前社区服务站	8:00-12:00、14:30-17:30
黄埔区	南岗街道	元岗社区	元岗西路	元岗社区居委会门口	8:00-12:00、14:30-17:30
黄埔区	文冲街道	安居社区	安居西路	安居社区广场	8:00-12:00、14:30-17:30
黄埔区	穗东街道	东区社区	穗东北路	东区社区服务站门口	8:00-12:00、14:30-17:30
黄埔区	长洲街道	金洲社区	金洲西路	金洲社区居委会	8:00-12:00、14:30-17:30
黄埔区	永和街道	贤江社区	贤江东路	贤江社区党群服务中心	8:00-12:00、14:30-17:30
黄埔区	东区街道	宏明社区	宏明西路	宏明社区服务站	8:00-12:00、14:30-17:30
黄埔区	长岭街道	长岭社区	黄陂三街	长岭社区居委会门口	8:00-12:00、14:30-17:30
黄埔区	云埔街道	笔岗社区	笔岗南路	笔岗社区广场	8:00-12:00、14:30-17:30
黄埔区	夏港街道	夏园社区	夏园北路	夏园社区服务站门口	8:00-12:00、14:30-17:30
黄埔区	萝岗街道	天鹿社区	天鹿东路	天鹿社区居委会	8:00-12:00、14:30-17:30
黄埔区	联和街道	金峰社区	金峰东路	金峰社区党群服务中心	8:00-12:00、14:30-17:30
黄埔区	九佛街道	佛塱社区	佛塱东路	佛塱社区服务站	8:00-12:00、14:30-17:30
黄埔区	龙湖街道	沙溪社区	沙溪东路	沙溪社区居委会门口	8:00-12:00、14:30-17:30
黄埔区	新龙镇	联星社区	联星东路	联星社区广场	8:00-12:00、14:30-17:30
黄埔区	新龙镇	横坑社区	横坑东路	横坑社区服务站门口	8:00-12:00、14:30-17:30
黄埔区	黄埔街道	怡园社区	怡园西路	怡园社区居委会	8:00-12:00、14:30-17:30
黄埔区	红山街道	沙步社区	沙步南路	沙步社区党群服务中心	8:00-12:00、14:30-17:30
黄埔区	鱼珠街道	石化社区	石化北路	石化社区服务站	8:00-12:00、14:30-17:30
黄埔区	大沙街道	石井社区	石井西路	石井社区居委会门口	8:00-12:00、14:30-17:30
黄埔区	南岗街道	南基社区	南基西路	南基社区广场	8:00-12:00、14:30-17:30
黄埔区	文冲街道	文冲社区	文冲西路	文冲社区服务站门口	8:00-12:00、14:30-17:30
黄埔区	穗东街道	夏园社区	夏园东街	夏园社区居委会	8:00-12:00、14:30-17:30
黄埔区	长洲街道	上庄社区	上庄东路	上庄社区党群服务中心	8:00-12:00、14:30-17:30
黄埔区	永和街道	永和社区	永和西路	永和社区服务站	8:00-12:00、14:30-17:30
黄埔区	东区街道	开创社区	开创西路	开创社区居委会门口	8:00-12:00、14:30-17:30
黄埔区	长岭街道	石迳社区	石迳西路	石迳社区广场	8:00-12:00、14:30-17:30
黄埔区	云埔街道	水西社区	水西西路	水西社区服务站门口	8:00-12:00、14:30-17:30
黄埔区	夏港街道	东区社区	东区北路	东区社区居委会	8:00-12:00、14:30-17:30
黄埔区	萝岗街道	水声社区	水声东路	水声社区党群服务中心	8:00-12:00、14:30-17:30
黄埔区	联和街道	天麓社区	天麓西路	天麓社区服务站	8:00-12:00、14:30-17:30
黄埔区	九佛街道	莲塘社区	莲塘南路	莲塘社区居委会门口	8:00-12:00、14:30-17:30
黄埔区	龙湖街道	荷村社区	荷村东路	荷村社区广场	8:00-12:00、14:30-17:30
黄埔区	新龙镇	鳌头社区	鳌头东路	鳌头社区服务站门口	8:00-12:00、14:30-17:30
黄埔区	新龙镇	均和社区	均和东路	均和社区居委会	8:00-12:00、14:30-17:30
黄埔区	黄埔街道	下沙社区	下沙东路	下沙社区党群服务中心	8:00-12:00、14:30-17:30
黄埔区	红山街道	庙头社区	庙头北路	庙头社区服务站	8:00-12:00、14:30-17:30
黄埔区	鱼珠街道	文船社区	文船北路	文船社区居委会门口	8:00-12:00、14:30-17:30
黄埔区	大沙街道	双沙社区	双沙北路	双沙社区广场	8:00-12:00、14:30-17:30
黄埔区	南岗街道	笔村社区	笔村东路	笔村社区服务站门口	8:00-12:00、14:30-17:30
黄埔区	文冲街道	石化社区	石化中路	石化社区居委会	8:00-12:00、14:30-17:30
黄埔区	穗东街道	姬堂社区	姬堂北路	姬堂社区党群服务中心	8:00-12:00、14:30-17:30
黄埔区	长洲街道	下庄社区	下庄东路	下庄社区服务站	8:00-12:00、14:30-17:30
黄埔区	永和街道	田心社区	田心东路	田心社区居委会门口	8:00-12:00、14:30-17:30
黄埔区	东区街道	沧联社区	沧联北路	沧联社区广场	8:00-12:00、14:30-17:30
